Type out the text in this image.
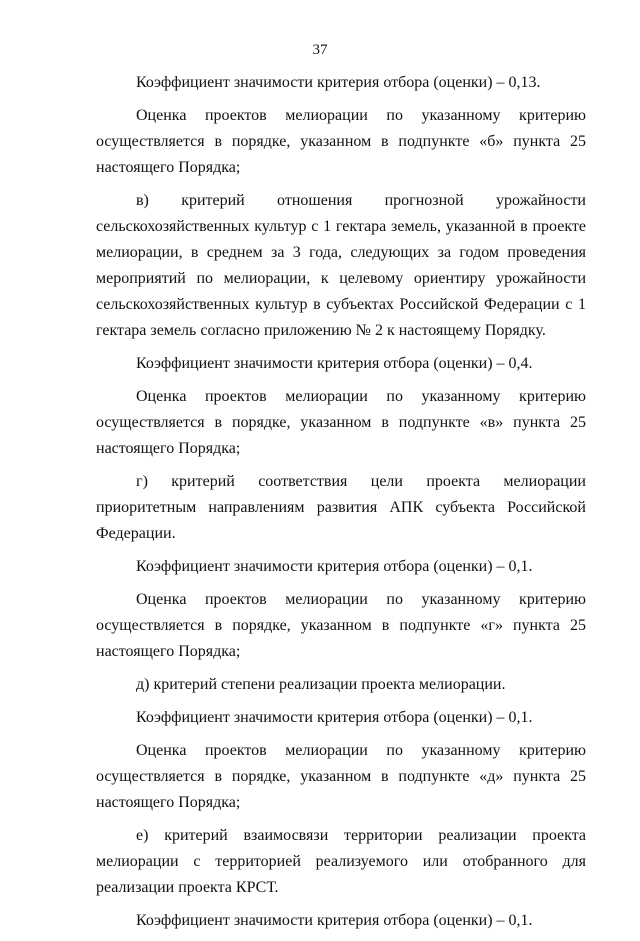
37

Коэффициент значимости критерия отбора (оценки) – 0,13.

Оценка проектов мелиорации по указанному критерию осуществляется в порядке, указанном в подпункте «б» пункта 25 настоящего Порядка;

в) критерий отношения прогнозной урожайности сельскохозяйственных культур с 1 гектара земель, указанной в проекте мелиорации, в среднем за 3 года, следующих за годом проведения мероприятий по мелиорации, к целевому ориентиру урожайности сельскохозяйственных культур в субъектах Российской Федерации с 1 гектара земель согласно приложению № 2 к настоящему Порядку.

Коэффициент значимости критерия отбора (оценки) – 0,4.

Оценка проектов мелиорации по указанному критерию осуществляется в порядке, указанном в подпункте «в» пункта 25 настоящего Порядка;

г) критерий соответствия цели проекта мелиорации приоритетным направлениям развития АПК субъекта Российской Федерации.

Коэффициент значимости критерия отбора (оценки) – 0,1.

Оценка проектов мелиорации по указанному критерию осуществляется в порядке, указанном в подпункте «г» пункта 25 настоящего Порядка;

д) критерий степени реализации проекта мелиорации.

Коэффициент значимости критерия отбора (оценки) – 0,1.

Оценка проектов мелиорации по указанному критерию осуществляется в порядке, указанном в подпункте «д» пункта 25 настоящего Порядка;

е) критерий взаимосвязи территории реализации проекта мелиорации с территорией реализуемого или отобранного для реализации проекта КРСТ.

Коэффициент значимости критерия отбора (оценки) – 0,1.
